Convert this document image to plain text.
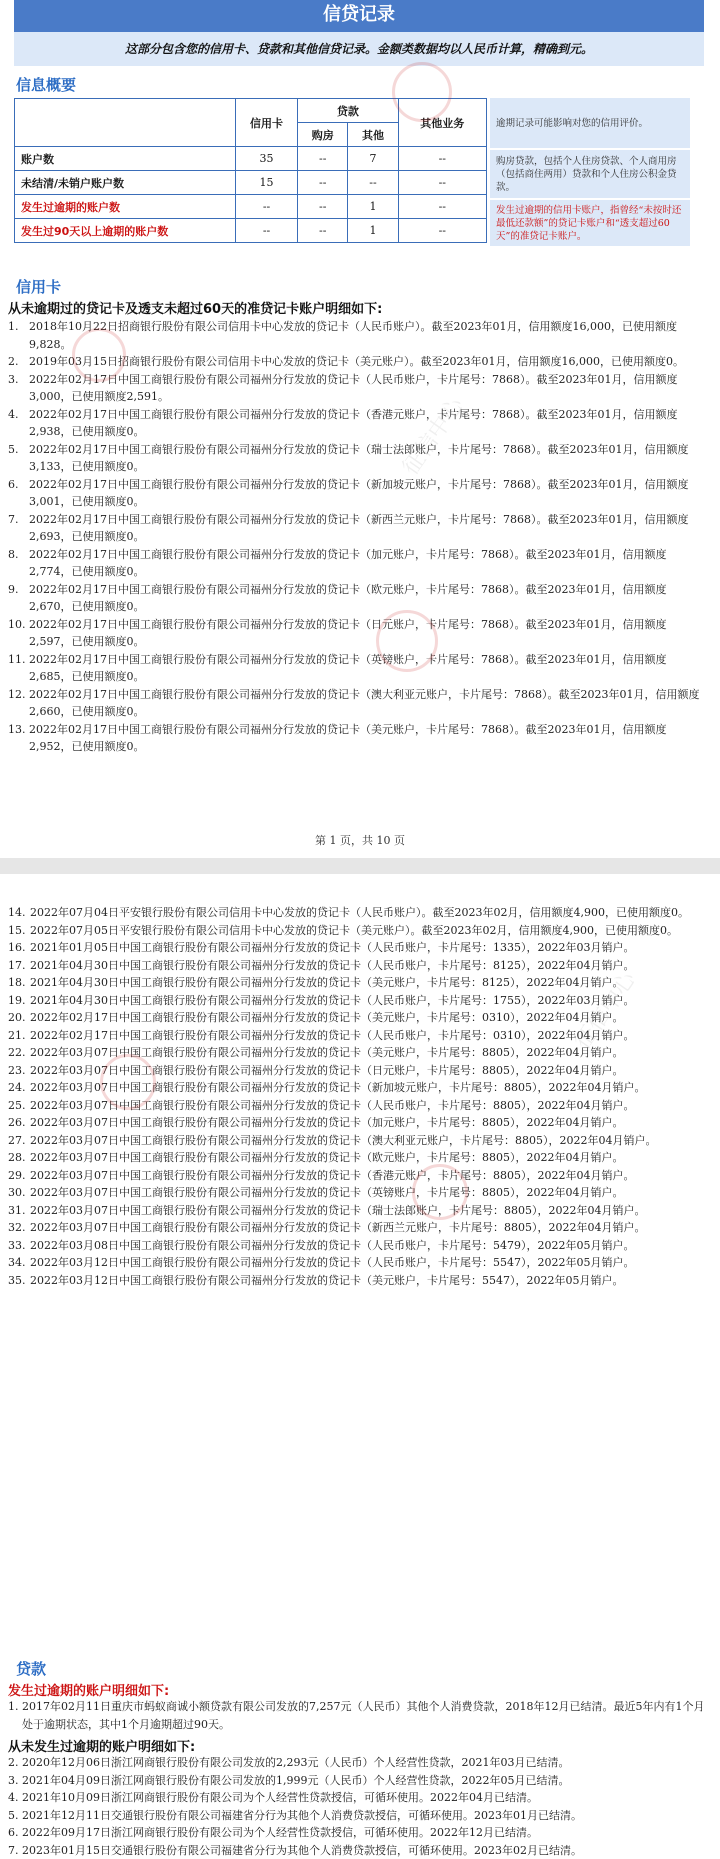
信贷记录
这部分包含您的信用卡、贷款和其他信贷记录。金额类数据均以人民币计算，精确到元。
信息概要
	信用卡	贷款		其他业务
		购房	其他	
账户数	35	--	7	--
未结清/未销户账户数	15	--	--	--
发生过逾期的账户数	--	--	1	--
发生过90天以上逾期的账户数	--	--	1	--
逾期记录可能影响对您的信用评价。
购房贷款，包括个人住房贷款、个人商用房（包括商住两用）贷款和个人住房公积金贷款。
发生过逾期的信用卡账户，指曾经“未按时还最低还款额”的贷记卡账户和“透支超过60天”的准贷记卡账户。
信用卡
从未逾期过的贷记卡及透支未超过60天的准贷记卡账户明细如下:
1. 2018年10月22日招商银行股份有限公司信用卡中心发放的贷记卡（人民币账户）。截至2023年01月，信用额度16,000，已使用额度9,828。
2. 2019年03月15日招商银行股份有限公司信用卡中心发放的贷记卡（美元账户）。截至2023年01月，信用额度16,000，已使用额度0。
3. 2022年02月17日中国工商银行股份有限公司福州分行发放的贷记卡（人民币账户，卡片尾号：7868）。截至2023年01月，信用额度3,000，已使用额度2,591。
4. 2022年02月17日中国工商银行股份有限公司福州分行发放的贷记卡（香港元账户，卡片尾号：7868）。截至2023年01月，信用额度2,938，已使用额度0。
5. 2022年02月17日中国工商银行股份有限公司福州分行发放的贷记卡（瑞士法郎账户，卡片尾号：7868）。截至2023年01月，信用额度3,133，已使用额度0。
6. 2022年02月17日中国工商银行股份有限公司福州分行发放的贷记卡（新加坡元账户，卡片尾号：7868）。截至2023年01月，信用额度3,001，已使用额度0。
7. 2022年02月17日中国工商银行股份有限公司福州分行发放的贷记卡（新西兰元账户，卡片尾号：7868）。截至2023年01月，信用额度2,693，已使用额度0。
8. 2022年02月17日中国工商银行股份有限公司福州分行发放的贷记卡（加元账户，卡片尾号：7868）。截至2023年01月，信用额度2,774，已使用额度0。
9. 2022年02月17日中国工商银行股份有限公司福州分行发放的贷记卡（欧元账户，卡片尾号：7868）。截至2023年01月，信用额度2,670，已使用额度0。
10. 2022年02月17日中国工商银行股份有限公司福州分行发放的贷记卡（日元账户，卡片尾号：7868）。截至2023年01月，信用额度2,597，已使用额度0。
11. 2022年02月17日中国工商银行股份有限公司福州分行发放的贷记卡（英镑账户，卡片尾号：7868）。截至2023年01月，信用额度2,685，已使用额度0。
12. 2022年02月17日中国工商银行股份有限公司福州分行发放的贷记卡（澳大利亚元账户，卡片尾号：7868）。截至2023年01月，信用额度2,660，已使用额度0。
13. 2022年02月17日中国工商银行股份有限公司福州分行发放的贷记卡（美元账户，卡片尾号：7868）。截至2023年01月，信用额度2,952，已使用额度0。
第 1 页，共 10 页
征信中心
14. 2022年07月04日平安银行股份有限公司信用卡中心发放的贷记卡（人民币账户）。截至2023年02月，信用额度4,900，已使用额度0。
15. 2022年07月05日平安银行股份有限公司信用卡中心发放的贷记卡（美元账户）。截至2023年02月，信用额度4,900，已使用额度0。
16. 2021年01月05日中国工商银行股份有限公司福州分行发放的贷记卡（人民币账户，卡片尾号：1335），2022年03月销户。
17. 2021年04月30日中国工商银行股份有限公司福州分行发放的贷记卡（人民币账户，卡片尾号：8125），2022年04月销户。
18. 2021年04月30日中国工商银行股份有限公司福州分行发放的贷记卡（美元账户，卡片尾号：8125），2022年04月销户。
19. 2021年04月30日中国工商银行股份有限公司福州分行发放的贷记卡（人民币账户，卡片尾号：1755），2022年03月销户。
20. 2022年02月17日中国工商银行股份有限公司福州分行发放的贷记卡（美元账户，卡片尾号：0310），2022年04月销户。
21. 2022年02月17日中国工商银行股份有限公司福州分行发放的贷记卡（人民币账户，卡片尾号：0310），2022年04月销户。
22. 2022年03月07日中国工商银行股份有限公司福州分行发放的贷记卡（美元账户，卡片尾号：8805），2022年04月销户。
23. 2022年03月07日中国工商银行股份有限公司福州分行发放的贷记卡（日元账户，卡片尾号：8805），2022年04月销户。
24. 2022年03月07日中国工商银行股份有限公司福州分行发放的贷记卡（新加坡元账户，卡片尾号：8805），2022年04月销户。
25. 2022年03月07日中国工商银行股份有限公司福州分行发放的贷记卡（人民币账户，卡片尾号：8805），2022年04月销户。
26. 2022年03月07日中国工商银行股份有限公司福州分行发放的贷记卡（加元账户，卡片尾号：8805），2022年04月销户。
27. 2022年03月07日中国工商银行股份有限公司福州分行发放的贷记卡（澳大利亚元账户，卡片尾号：8805），2022年04月销户。
28. 2022年03月07日中国工商银行股份有限公司福州分行发放的贷记卡（欧元账户，卡片尾号：8805），2022年04月销户。
29. 2022年03月07日中国工商银行股份有限公司福州分行发放的贷记卡（香港元账户，卡片尾号：8805），2022年04月销户。
30. 2022年03月07日中国工商银行股份有限公司福州分行发放的贷记卡（英镑账户，卡片尾号：8805），2022年04月销户。
31. 2022年03月07日中国工商银行股份有限公司福州分行发放的贷记卡（瑞士法郎账户，卡片尾号：8805），2022年04月销户。
32. 2022年03月07日中国工商银行股份有限公司福州分行发放的贷记卡（新西兰元账户，卡片尾号：8805），2022年04月销户。
33. 2022年03月08日中国工商银行股份有限公司福州分行发放的贷记卡（人民币账户，卡片尾号：5479），2022年05月销户。
34. 2022年03月12日中国工商银行股份有限公司福州分行发放的贷记卡（人民币账户，卡片尾号：5547），2022年05月销户。
35. 2022年03月12日中国工商银行股份有限公司福州分行发放的贷记卡（美元账户，卡片尾号：5547），2022年05月销户。
贷款
发生过逾期的账户明细如下:
1. 2017年02月11日重庆市蚂蚁商诚小额贷款有限公司发放的7,257元（人民币）其他个人消费贷款，2018年12月已结清。最近5年内有1个月处于逾期状态，其中1个月逾期超过90天。
从未发生过逾期的账户明细如下:
2. 2020年12月06日浙江网商银行股份有限公司发放的2,293元（人民币）个人经营性贷款，2021年03月已结清。
3. 2021年04月09日浙江网商银行股份有限公司发放的1,999元（人民币）个人经营性贷款，2022年05月已结清。
4. 2021年10月09日浙江网商银行股份有限公司为个人经营性贷款授信，可循环使用。2022年04月已结清。
5. 2021年12月11日交通银行股份有限公司福建省分行为其他个人消费贷款授信，可循环使用。2023年01月已结清。
6. 2022年09月17日浙江网商银行股份有限公司为个人经营性贷款授信，可循环使用。2022年12月已结清。
7. 2023年01月15日交通银行股份有限公司福建省分行为其他个人消费贷款授信，可循环使用。2023年02月已结清。
征信中心
